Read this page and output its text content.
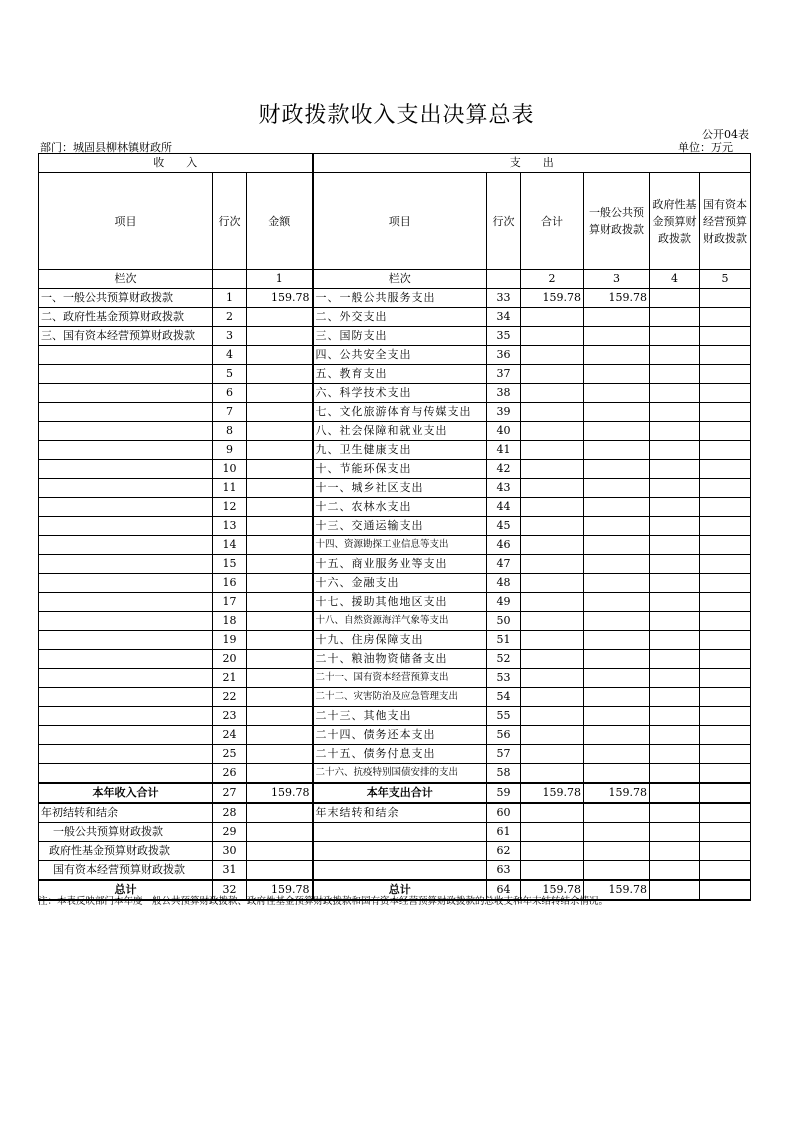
财政拨款收入支出决算总表
公开04表
部门：城固县柳林镇财政所	单位：万元
收　　入			支　　出					
项目	行次	金额	项目	行次	合计	一般公共预算财政拨款	政府性基金预算财政拨款	国有资本经营预算财政拨款
栏次		1	栏次		2	3	4	5
一、一般公共预算财政拨款	1	159.78	一、一般公共服务支出	33	159.78	159.78		
二、政府性基金预算财政拨款	2		二、外交支出	34				
三、国有资本经营预算财政拨款	3		三、国防支出	35				
	4		四、公共安全支出	36				
	5		五、教育支出	37				
	6		六、科学技术支出	38				
	7		七、文化旅游体育与传媒支出	39				
	8		八、社会保障和就业支出	40				
	9		九、卫生健康支出	41				
	10		十、节能环保支出	42				
	11		十一、城乡社区支出	43				
	12		十二、农林水支出	44				
	13		十三、交通运输支出	45				
	14		十四、资源勘探工业信息等支出	46				
	15		十五、商业服务业等支出	47				
	16		十六、金融支出	48				
	17		十七、援助其他地区支出	49				
	18		十八、自然资源海洋气象等支出	50				
	19		十九、住房保障支出	51				
	20		二十、粮油物资储备支出	52				
	21		二十一、国有资本经营预算支出	53				
	22		二十二、灾害防治及应急管理支出	54				
	23		二十三、其他支出	55				
	24		二十四、债务还本支出	56				
	25		二十五、债务付息支出	57				
	26		二十六、抗疫特别国债安排的支出	58				
本年收入合计	27	159.78	本年支出合计	59	159.78	159.78		
年初结转和结余	28		年末结转和结余	60				
一般公共预算财政拨款	29			61				
政府性基金预算财政拨款	30			62				
国有资本经营预算财政拨款	31			63				
总计	32	159.78	总计	64	159.78	159.78		
注：本表反映部门本年度一般公共预算财政拨款、政府性基金预算财政拨款和国有资本经营预算财政拨款的总收支和年末结转结余情况。
